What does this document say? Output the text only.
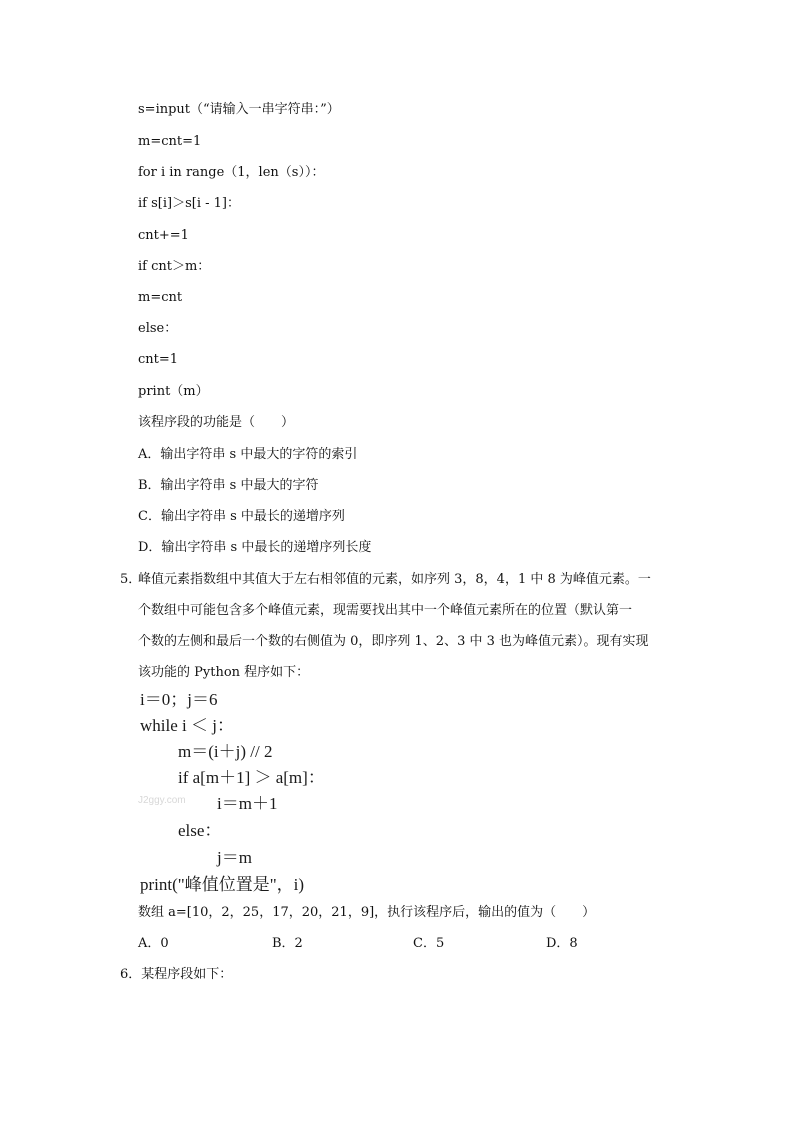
s=input（“请输入一串字符串：”）
m=cnt=1
for i in range（1，len（s））：
if s[i]＞s[i - 1]：
cnt+=1
if cnt＞m：
m=cnt
else：
cnt=1
print（m）
该程序段的功能是（　　）
A．输出字符串 s 中最大的字符的索引
B．输出字符串 s 中最大的字符
C．输出字符串 s 中最长的递增序列
D．输出字符串 s 中最长的递增序列长度
5．
峰值元素指数组中其值大于左右相邻值的元素，如序列 3，8，4，1 中 8 为峰值元素。一
个数组中可能包含多个峰值元素，现需要找出其中一个峰值元素所在的位置（默认第一
个数的左侧和最后一个数的右侧值为 0，即序列 1、2、3 中 3 也为峰值元素）。现有实现
该功能的 Python 程序如下：
i＝0；j＝6
while i ＜ j：
m＝(i＋j) // 2
if a[m＋1] ＞ a[m]：
J2ggy.com i＝m＋1
else：
j＝m
print("峰值位置是"，i)
数组 a=[10，2，25，17，20，21，9]，执行该程序后，输出的值为（　　）
A．0	B．2	C．5	D．8
6．某程序段如下：
